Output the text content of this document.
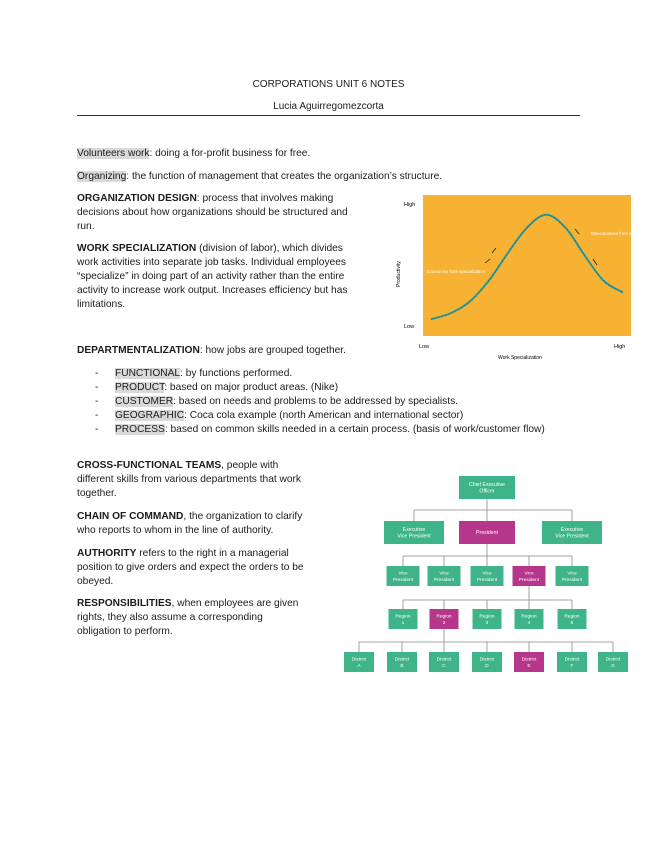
CORPORATIONS UNIT 6 NOTES
Lucia Aguirregomezcorta
Volunteers work: doing a for-profit business for free.
Organizing: the function of management that creates the organization’s structure.
ORGANIZATION DESIGN: process that involves making
decisions about how organizations should be structured and
run.
WORK SPECIALIZATION (division of labor), which divides
work activities into separate job tasks. Individual employees
“specialize” in doing part of an activity rather than the entire
activity to increase work output. Increases efficiency but has
limitations.
Productivity
High
Low
Low	High
Work Specialization
Economies from specialization
Diseconomies from specialization
DEPARTMENTALIZATION: how jobs are grouped together.
- FUNCTIONAL: by functions performed.
- PRODUCT: based on major product areas. (Nike)
- CUSTOMER: based on needs and problems to be addressed by specialists.
- GEOGRAPHIC: Coca cola example (north American and international sector)
- PROCESS: based on common skills needed in a certain process. (basis of work/customer flow)
CROSS-FUNCTIONAL TEAMS, people with
different skills from various departments that work
together.
CHAIN OF COMMAND, the organization to clarify
who reports to whom in the line of authority.
AUTHORITY refers to the right in a managerial
position to give orders and expect the orders to be
obeyed.
RESPONSIBILITIES, when employees are given
rights, they also assume a corresponding
obligation to perform.
Chief Executive
Officer
Executive
Vice President
President
Executive
Vice President
Vice
President
Vice
President
Vice
President
Vice
President
Vice
President
Region
1
Region
2
Region
3
Region
4
Region
5
District
A
District
B
District
C
District
D
District
E
District
F
District
G
